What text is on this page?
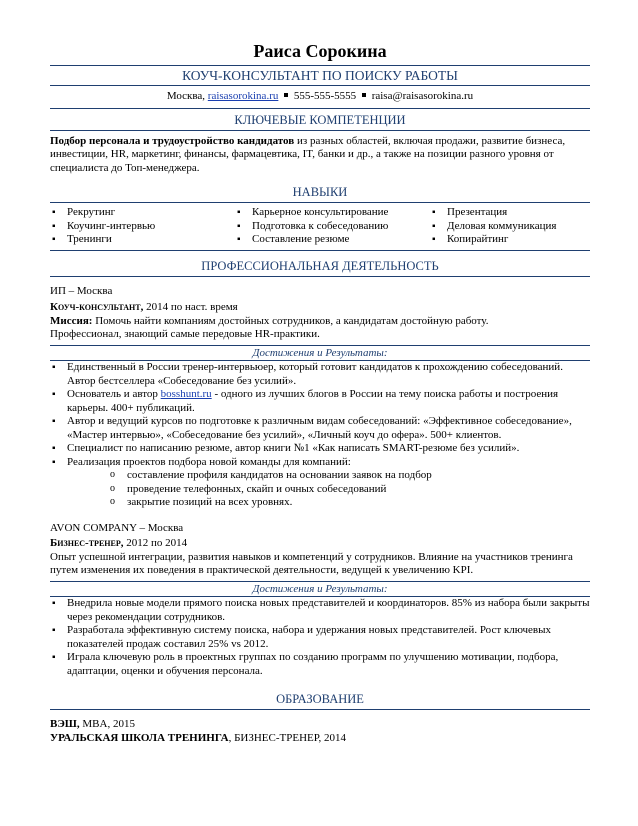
Раиса Сорокина
КОУЧ-КОНСУЛЬТАНТ ПО ПОИСКУ РАБОТЫ
Москва, raisasorokina.ru 555-555-5555 raisa@raisasorokina.ru
КЛЮЧЕВЫЕ КОМПЕТЕНЦИИ
Подбор персонала и трудоустройство кандидатов из разных областей, включая продажи, развитие бизнеса, инвестиции, HR, маркетинг, финансы, фармацевтика, IT, банки и др., а также на позиции разного уровня от специалиста до Топ-менеджера.
НАВЫКИ
▪ Рекрутинг
▪ Коучинг-интервью
▪ Тренинги
▪ Карьерное консультирование
▪ Подготовка к собеседованию
▪ Составление резюме
▪ Презентация
▪ Деловая коммуникация
▪ Копирайтинг
ПРОФЕССИОНАЛЬНАЯ ДЕЯТЕЛЬНОСТЬ
ИП – Москва
Коуч-консультант, 2014 по наст. время
Миссия: Помочь найти компаниям достойных сотрудников, а кандидатам достойную работу.
Профессионал, знающий самые передовые HR-практики.
Достижения и Результаты:
▪ Единственный в России тренер-интервьюер, который готовит кандидатов к прохождению собеседований. Автор бестселлера «Собеседование без усилий».
▪ Основатель и автор bosshunt.ru - одного из лучших блогов в России на тему поиска работы и построения карьеры. 400+ публикаций.
▪ Автор и ведущий курсов по подготовке к различным видам собеседований: «Эффективное собеседование», «Мастер интервью», «Собеседование без усилий», «Личный коуч до офера». 500+ клиентов.
▪ Специалист по написанию резюме, автор книги №1 «Как написать SMART-резюме без усилий».
▪ Реализация проектов подбора новой команды для компаний:
o составление профиля кандидатов на основании заявок на подбор
o проведение телефонных, скайп и очных собеседований
o закрытие позиций на всех уровнях.
AVON COMPANY – Москва
Бизнес-тренер, 2012 по 2014
Опыт успешной интеграции, развития навыков и компетенций у сотрудников. Влияние на участников тренинга путем изменения их поведения в практической деятельности, ведущей к увеличению KPI.
Достижения и Результаты:
▪ Внедрила новые модели прямого поиска новых представителей и координаторов. 85% из набора были закрыты через рекомендации сотрудников.
▪ Разработала эффективную систему поиска, набора и удержания новых представителей. Рост ключевых показателей продаж составил 25% vs 2012.
▪ Играла ключевую роль в проектных группах по созданию программ по улучшению мотивации, подбора, адаптации, оценки и обучения персонала.
ОБРАЗОВАНИЕ
ВЭШ, MBA, 2015
УРАЛЬСКАЯ ШКОЛА ТРЕНИНГА, БИЗНЕС-ТРЕНЕР, 2014
